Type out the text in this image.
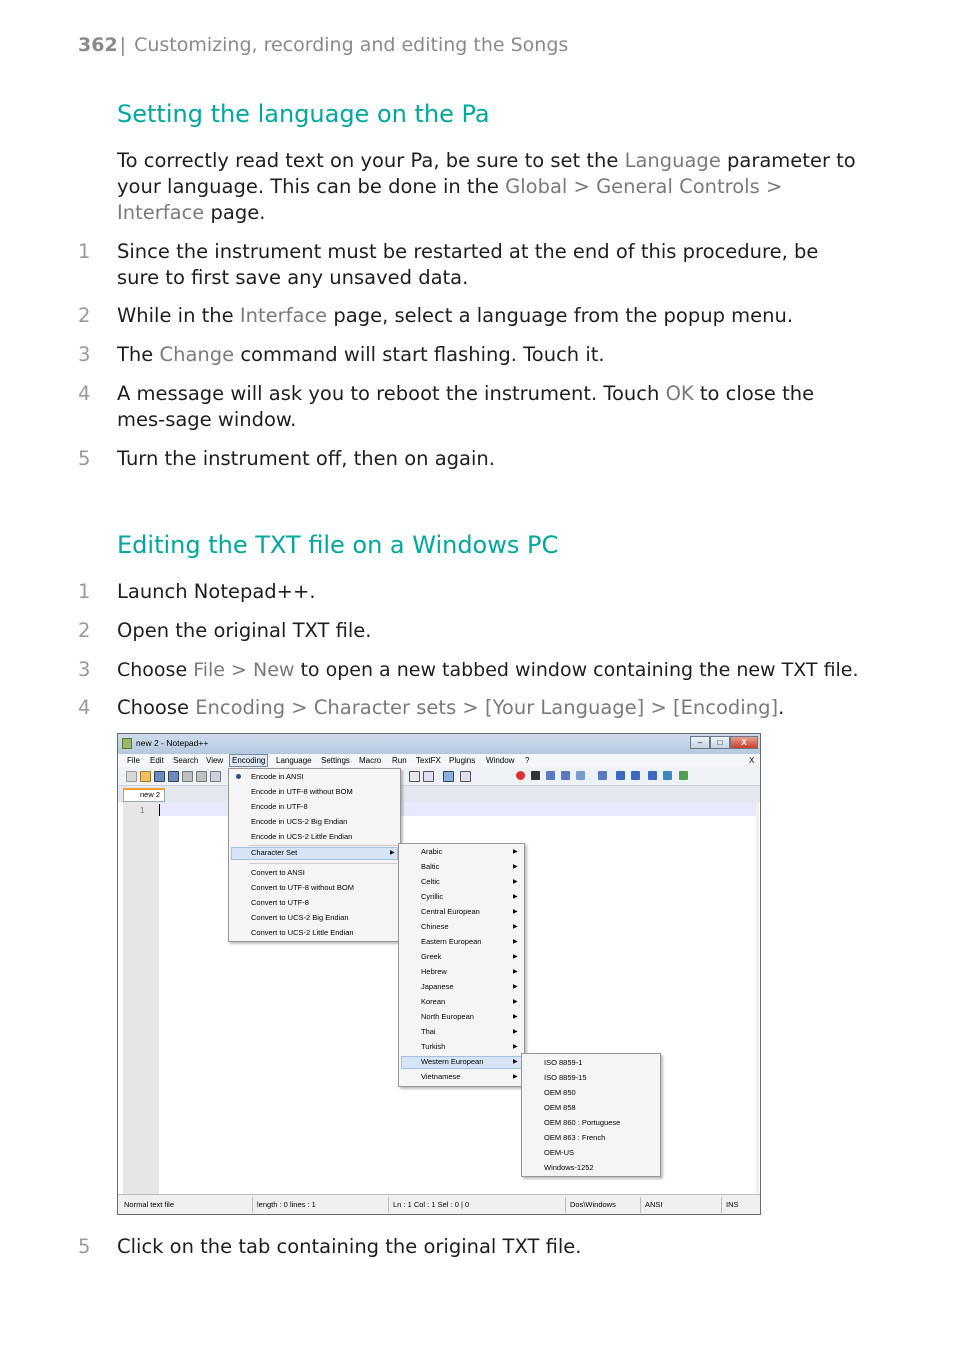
362 | Customizing, recording and editing the Songs
Setting the language on the Pa
To correctly read text on your Pa, be sure to set the Language parameter to your language. This can be done in the Global > General Controls > Interface page.
1 Since the instrument must be restarted at the end of this procedure, be sure to first save any unsaved data.
2 While in the Interface page, select a language from the popup menu.
3 The Change command will start flashing. Touch it.
4 A message will ask you to reboot the instrument. Touch OK to close the mes-sage window.
5 Turn the instrument off, then on again.
Editing the TXT file on a Windows PC
1 Launch Notepad++.
2 Open the original TXT file.
3 Choose File > New to open a new tabbed window containing the new TXT file.
4 Choose Encoding > Character sets > [Your Language] > [Encoding].
new 2 - Notepad++	–	□	X
File Edit Search View	Encoding	Language Settings Macro Run TextFX Plugins Window ?	X
new 2
1
Encode in ANSI
Encode in UTF-8 without BOM
Encode in UTF-8
Encode in UCS-2 Big Endian
Encode in UCS-2 Little Endian
Character Set	▶
Convert to ANSI
Convert to UTF-8 without BOM
Convert to UTF-8
Convert to UCS-2 Big Endian
Convert to UCS-2 Little Endian
Arabic	▶
Baltic	▶
Celtic	▶
Cyrillic	▶
Central European	▶
Chinese	▶
Eastern European	▶
Greek	▶
Hebrew	▶
Japanese	▶
Korean	▶
North European	▶
Thai	▶
Turkish	▶
Western European	▶
Vietnamese	▶
ISO 8859-1
ISO 8859-15
OEM 850
OEM 858
OEM 860 : Portuguese
OEM 863 : French
OEM-US
Windows-1252
Normal text file	length : 0 lines : 1	Ln : 1 Col : 1 Sel : 0 | 0	Dos\Windows	ANSI	INS
5 Click on the tab containing the original TXT file.
